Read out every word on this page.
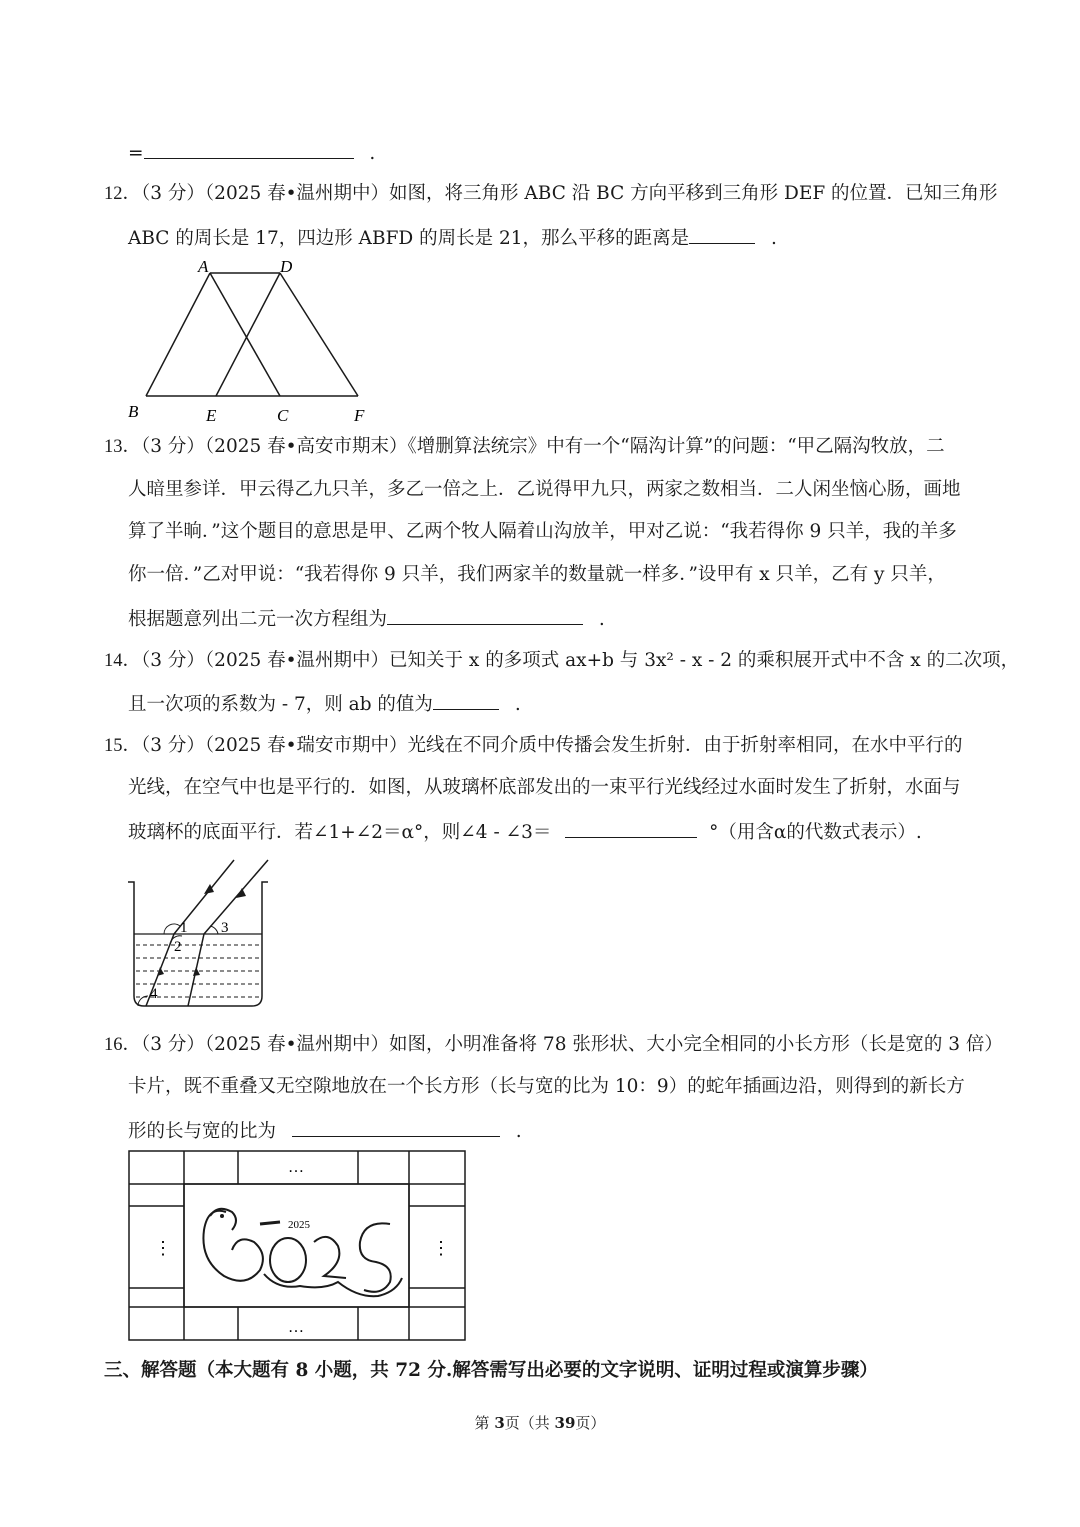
=	.
12．（3 分）（2025 春•温州期中）如图，将三角形 ABC 沿 BC 方向平移到三角形 DEF 的位置．已知三角形
ABC 的周长是 17，四边形 ABFD 的周长是 21，那么平移的距离是	.
A	D
B	E	C	F
13．（3 分）（2025 春•高安市期末）《增删算法统宗》中有一个“隔沟计算”的问题：“甲乙隔沟牧放，二
人暗里参详．甲云得乙九只羊，多乙一倍之上．乙说得甲九只，两家之数相当．二人闲坐恼心肠，画地
算了半晌．”这个题目的意思是甲、乙两个牧人隔着山沟放羊，甲对乙说：“我若得你 9 只羊，我的羊多
你一倍．”乙对甲说：“我若得你 9 只羊，我们两家羊的数量就一样多．”设甲有 x 只羊，乙有 y 只羊，
根据题意列出二元一次方程组为	.
14．（3 分）（2025 春•温州期中）已知关于 x 的多项式 ax+b 与 3x² - x - 2 的乘积展开式中不含 x 的二次项，
且一次项的系数为 - 7，则 ab 的值为	.
15．（3 分）（2025 春•瑞安市期中）光线在不同介质中传播会发生折射．由于折射率相同，在水中平行的
光线，在空气中也是平行的．如图，从玻璃杯底部发出的一束平行光线经过水面时发生了折射，水面与
玻璃杯的底面平行．若∠1+∠2＝α°，则∠4 - ∠3＝	°（用含α的代数式表示）.
1
2
3
4
16．（3 分）（2025 春•温州期中）如图，小明准备将 78 张形状、大小完全相同的小长方形（长是宽的 3 倍）
卡片，既不重叠又无空隙地放在一个长方形（长与宽的比为 10：9）的蛇年插画边沿，则得到的新长方
形的长与宽的比为	.
…
…
⋮	⋮
2025
三、解答题（本大题有 8 小题，共 72 分.解答需写出必要的文字说明、证明过程或演算步骤）
第 3页（共 39页）
